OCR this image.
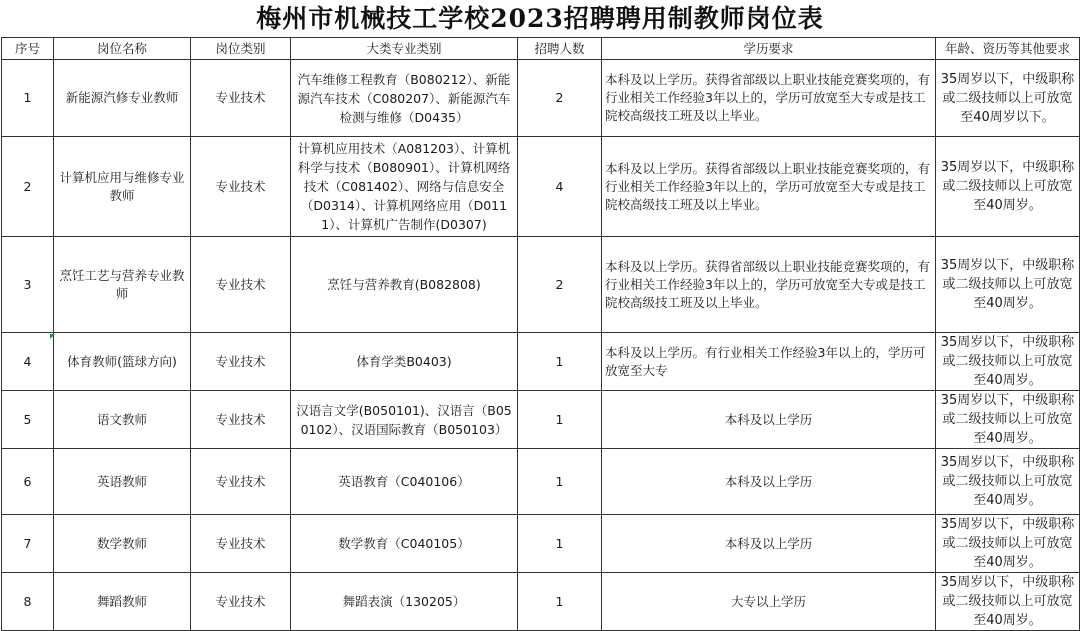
梅州市机械技工学校2023招聘聘用制教师岗位表
序号	岗位名称	岗位类别	大类专业类别	招聘人数	学历要求	年龄、资历等其他要求
1	新能源汽修专业教师	专业技术	汽车维修工程教育（B080212）、新能源汽车技术（C080207）、新能源汽车检测与维修（D0435）	2	本科及以上学历。获得省部级以上职业技能竞赛奖项的，有行业相关工作经验3年以上的，学历可放宽至大专或是技工院校高级技工班及以上毕业。	35周岁以下，中级职称或二级技师以上可放宽至40周岁以下。
2	计算机应用与维修专业教师	专业技术	计算机应用技术（A081203）、计算机科学与技术（B080901）、计算机网络技术（C081402）、网络与信息安全（D0314）、计算机网络应用（D0111）、计算机广告制作(D0307)	4	本科及以上学历。获得省部级以上职业技能竞赛奖项的，有行业相关工作经验3年以上的，学历可放宽至大专或是技工院校高级技工班及以上毕业。	35周岁以下，中级职称或二级技师以上可放宽至40周岁。
3	烹饪工艺与营养专业教师	专业技术	烹饪与营养教育(B082808)	2	本科及以上学历。获得省部级以上职业技能竞赛奖项的，有行业相关工作经验3年以上的，学历可放宽至大专或是技工院校高级技工班及以上毕业。	35周岁以下，中级职称或二级技师以上可放宽至40周岁。
4	体育教师(篮球方向)	专业技术	体育学类B0403)	1	本科及以上学历。有行业相关工作经验3年以上的，学历可放宽至大专	35周岁以下，中级职称或二级技师以上可放宽至40周岁。
5	语文教师	专业技术	汉语言文学(B050101)、汉语言（B050102）、汉语国际教育（B050103）	1	本科及以上学历	35周岁以下，中级职称或二级技师以上可放宽至40周岁。
6	英语教师	专业技术	英语教育（C040106）	1	本科及以上学历	35周岁以下，中级职称或二级技师以上可放宽至40周岁。
7	数学教师	专业技术	数学教育（C040105）	1	本科及以上学历	35周岁以下，中级职称或二级技师以上可放宽至40周岁。
8	舞蹈教师	专业技术	舞蹈表演（130205）	1	大专以上学历	35周岁以下，中级职称或二级技师以上可放宽至40周岁。
